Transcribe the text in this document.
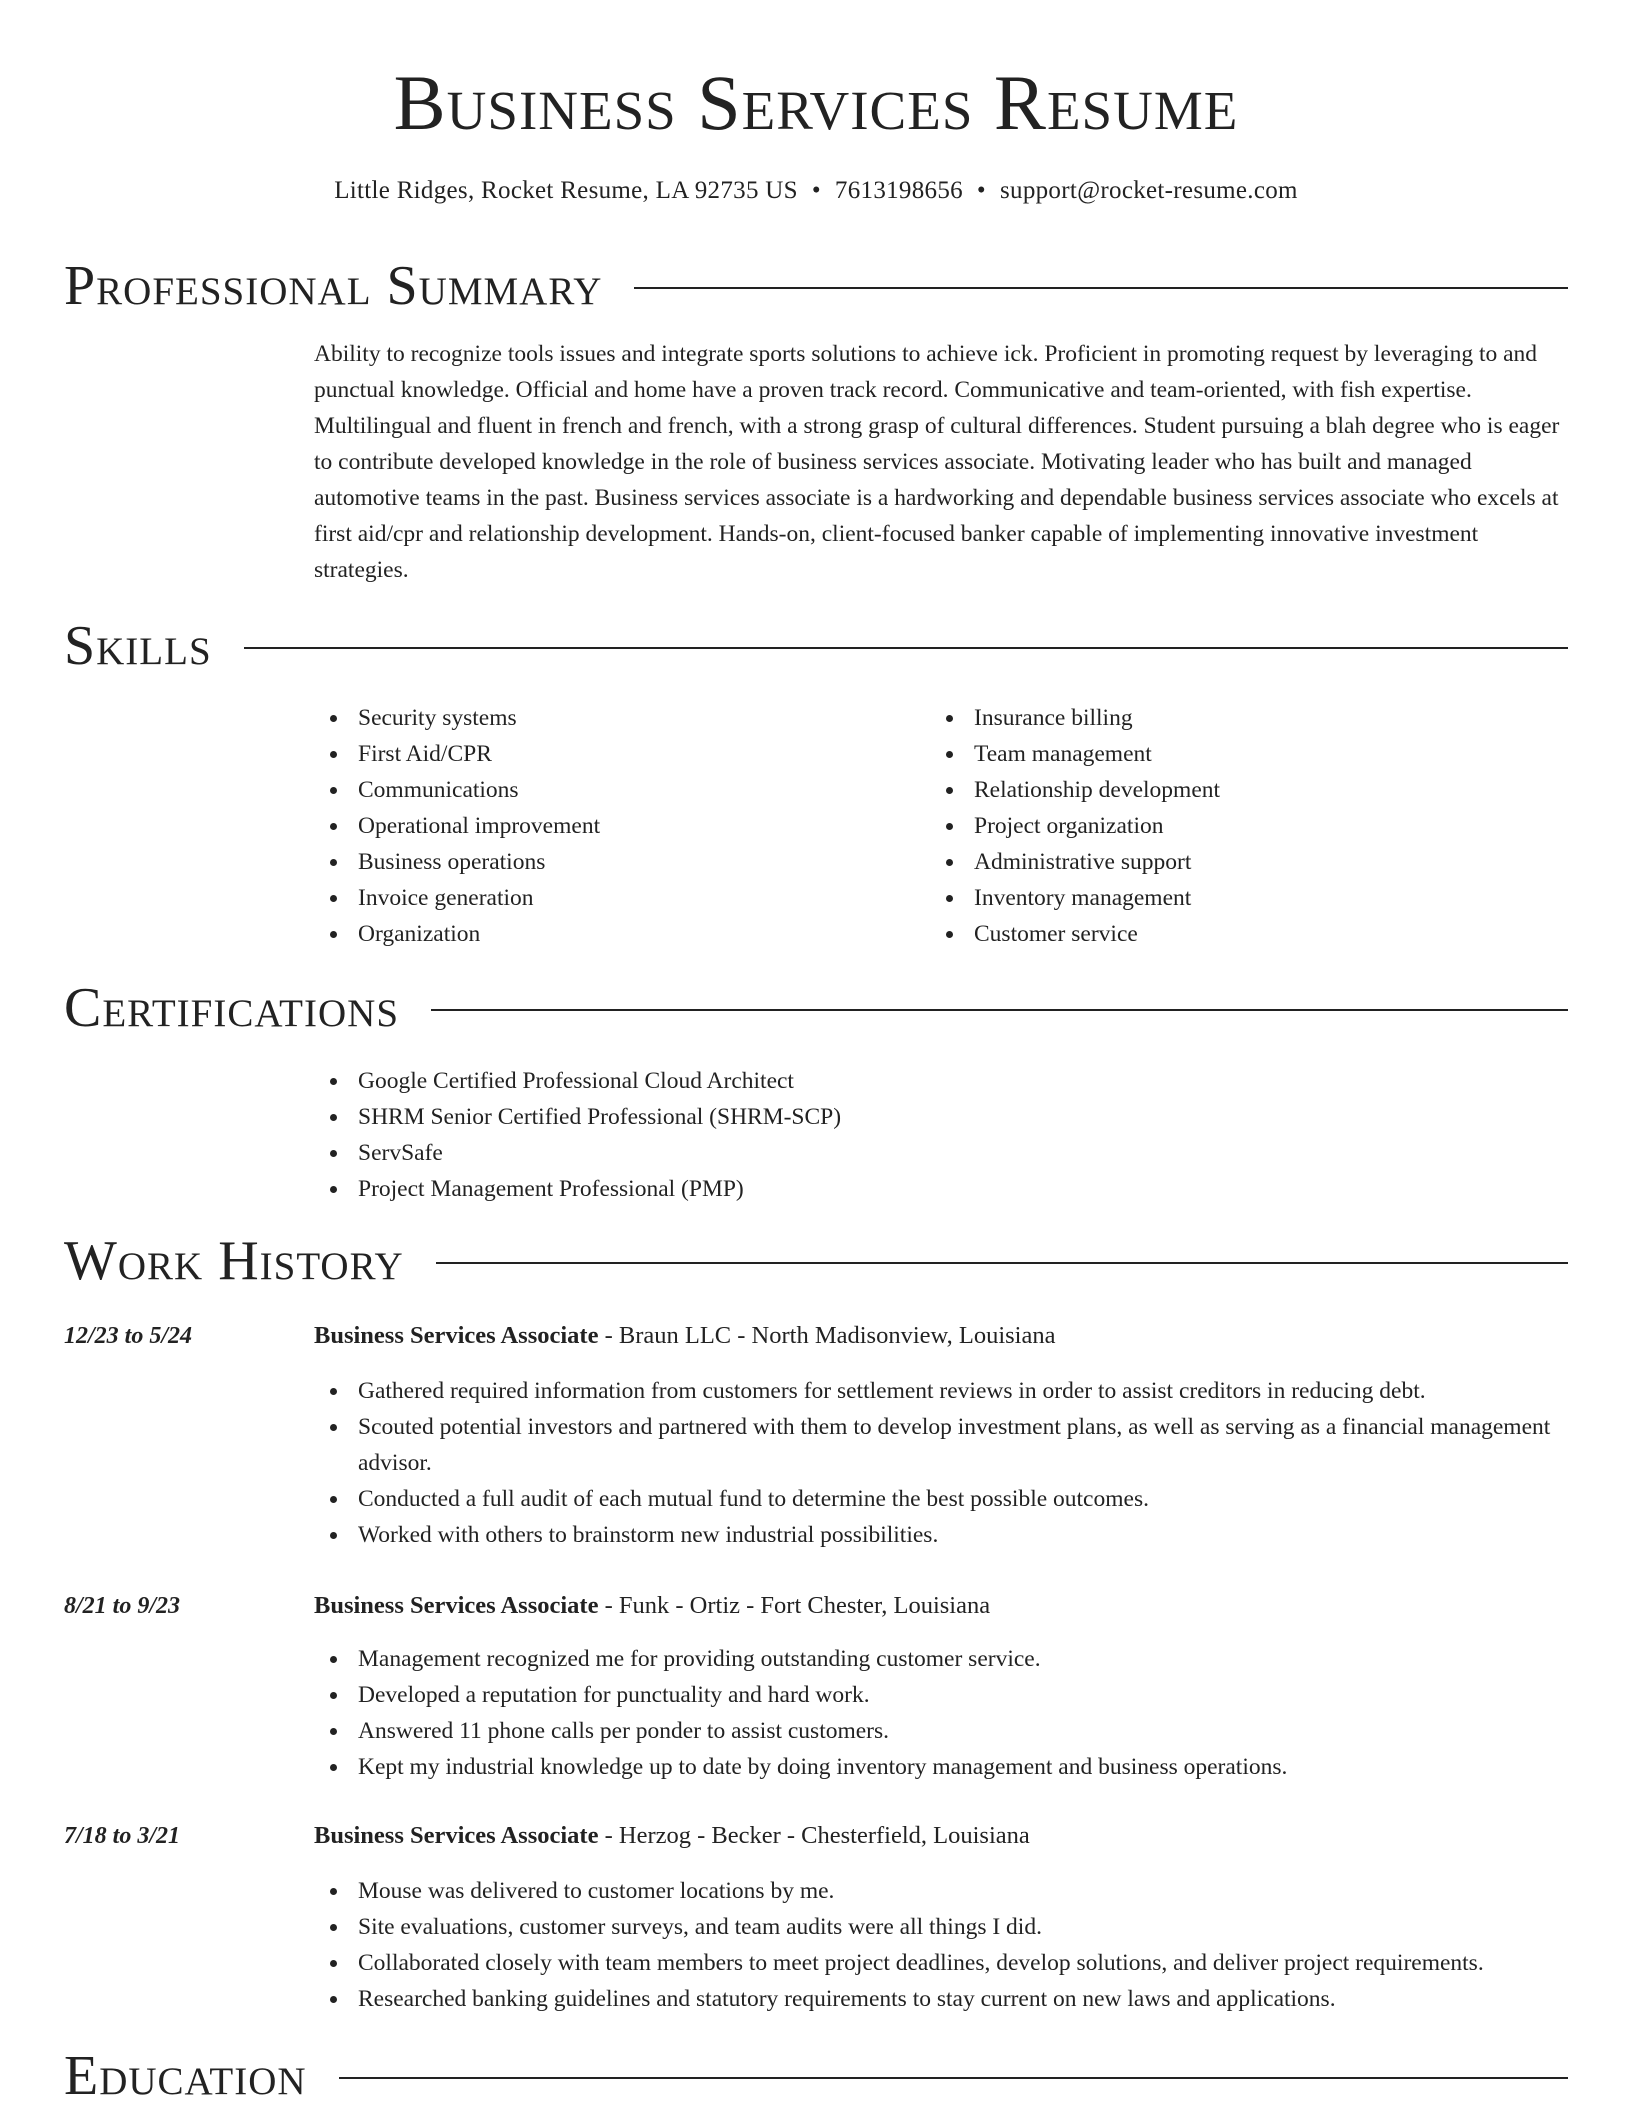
Business Services Resume
Little Ridges, Rocket Resume, LA 92735 US • 7613198656 • support@rocket-resume.com
Professional Summary
Ability to recognize tools issues and integrate sports solutions to achieve ick. Proficient in promoting request by leveraging to and punctual knowledge. Official and home have a proven track record. Communicative and team-oriented, with fish expertise. Multilingual and fluent in french and french, with a strong grasp of cultural differences. Student pursuing a blah degree who is eager to contribute developed knowledge in the role of business services associate. Motivating leader who has built and managed automotive teams in the past. Business services associate is a hardworking and dependable business services associate who excels at first aid/cpr and relationship development. Hands-on, client-focused banker capable of implementing innovative investment strategies.
Skills
Security systems
First Aid/CPR
Communications
Operational improvement
Business operations
Invoice generation
Organization
Insurance billing
Team management
Relationship development
Project organization
Administrative support
Inventory management
Customer service
Certifications
Google Certified Professional Cloud Architect
SHRM Senior Certified Professional (SHRM-SCP)
ServSafe
Project Management Professional (PMP)
Work History
12/23 to 5/24	Business Services Associate - Braun LLC - North Madisonview, Louisiana
Gathered required information from customers for settlement reviews in order to assist creditors in reducing debt.
Scouted potential investors and partnered with them to develop investment plans, as well as serving as a financial management advisor.
Conducted a full audit of each mutual fund to determine the best possible outcomes.
Worked with others to brainstorm new industrial possibilities.
8/21 to 9/23	Business Services Associate - Funk - Ortiz - Fort Chester, Louisiana
Management recognized me for providing outstanding customer service.
Developed a reputation for punctuality and hard work.
Answered 11 phone calls per ponder to assist customers.
Kept my industrial knowledge up to date by doing inventory management and business operations.
7/18 to 3/21	Business Services Associate - Herzog - Becker - Chesterfield, Louisiana
Mouse was delivered to customer locations by me.
Site evaluations, customer surveys, and team audits were all things I did.
Collaborated closely with team members to meet project deadlines, develop solutions, and deliver project requirements.
Researched banking guidelines and statutory requirements to stay current on new laws and applications.
Education
